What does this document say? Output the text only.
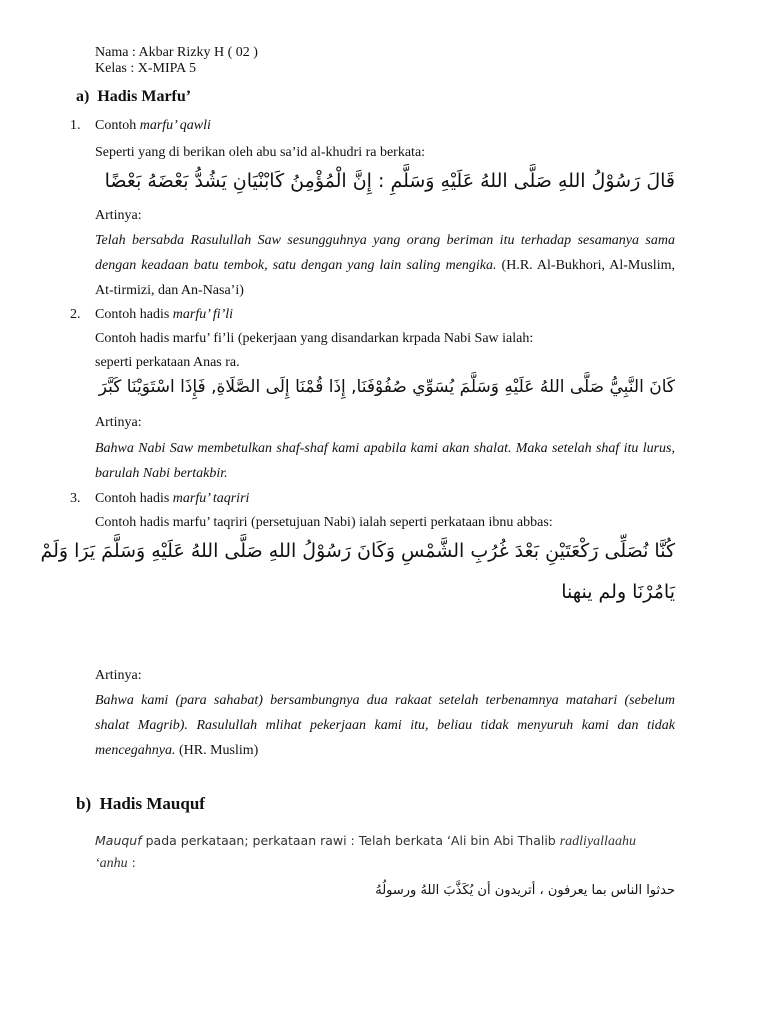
Nama : Akbar Rizky H ( 02 )
Kelas : X-MIPA 5
a) Hadis Marfu’
1. Contoh marfu’ qawli
Seperti yang di berikan oleh abu sa’id al-khudri ra berkata:
قَالَ رَسُوْلُ اللهِ صَلَّى اللهُ عَلَيْهِ وَسَلَّمِ : إِنَّ الْمُؤْمِنُ كَابْنْيَانِ يَشُدُّ بَعْضَهُ بَعْضًا
Artinya:
Telah bersabda Rasulullah Saw sesungguhnya yang orang beriman itu terhadap sesamanya sama dengan keadaan batu tembok, satu dengan yang lain saling mengika. (H.R. Al-Bukhori, Al-Muslim, At-tirmizi, dan An-Nasa’i)
2. Contoh hadis marfu’ fi’li
Contoh hadis marfu’ fi’li (pekerjaan yang disandarkan krpada Nabi Saw ialah:
seperti perkataan Anas ra.
كَانَ النَّبِيُّ صَلَّى اللهُ عَلَيْهِ وَسَلَّمَ يُسَوِّي صُفُوْفَنَا, إِذَا قُمْنَا إِلَى الصَّلَاةِ, فَإِذَا اسْتَوَيْنَا كَبَّرَ
Artinya:
Bahwa Nabi Saw membetulkan shaf-shaf kami apabila kami akan shalat. Maka setelah shaf itu lurus, barulah Nabi bertakbir.
3. Contoh hadis marfu’ taqriri
Contoh hadis marfu’ taqriri (persetujuan Nabi) ialah seperti perkataan ibnu abbas:
كُنَّا نُصَلِّى رَكْعَتَيْنِ بَعْدَ غُرُبِ الشَّمْسِ وَكَانَ رَسُوْلُ اللهِ صَلَّى اللهُ عَلَيْهِ وَسَلَّمَ يَرَا وَلَمْ
يَامُرْنَا ولم ينهنا
Artinya:
Bahwa kami (para sahabat) bersambungnya dua rakaat setelah terbenamnya matahari (sebelum shalat Magrib). Rasulullah mlihat pekerjaan kami itu, beliau tidak menyuruh kami dan tidak mencegahnya. (HR. Muslim)
b) Hadis Mauquf
Mauquf pada perkataan; perkataan rawi : Telah berkata ‘Ali bin Abi Thalib radliyallaahu
‘anhu :
حدثوا الناس بما يعرفون ، أتريدون أن يُكَذَّبَ اللهُ ورسولُهُ
